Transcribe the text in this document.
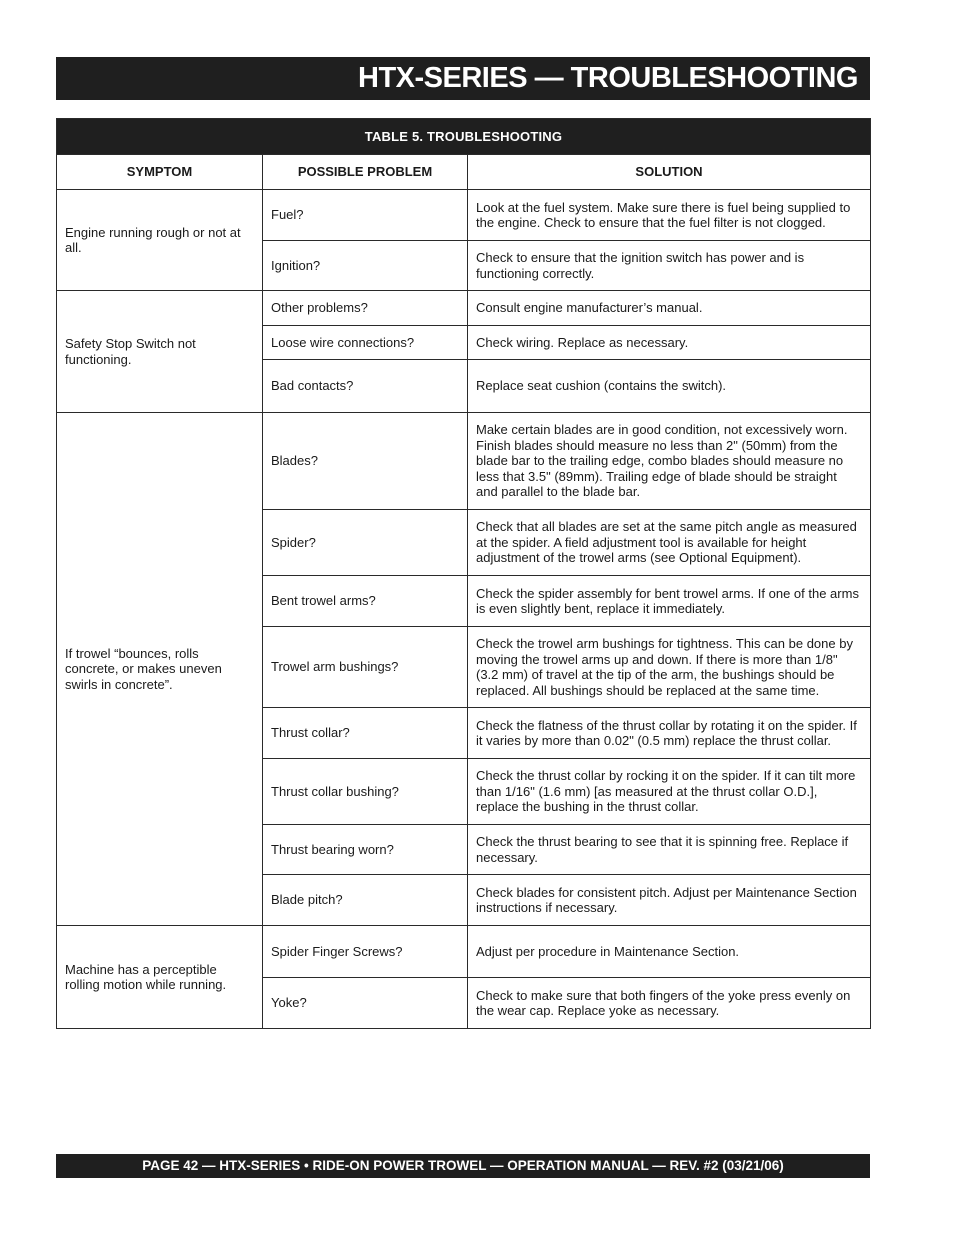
HTX-SERIES — TROUBLESHOOTING
TABLE 5. TROUBLESHOOTING		
SYMPTOM	POSSIBLE PROBLEM	SOLUTION
Engine running rough or not at all.	Fuel?	Look at the fuel system. Make sure there is fuel being supplied to the engine. Check to ensure that the fuel filter is not clogged.
	Ignition?	Check to ensure that the ignition switch has power and is functioning correctly.
Safety Stop Switch not functioning.	Other problems?	Consult engine manufacturer’s manual.
	Loose wire connections?	Check wiring. Replace as necessary.
	Bad contacts?	Replace seat cushion (contains the switch).
If trowel “bounces, rolls concrete, or makes uneven swirls in concrete”.	Blades?	Make certain blades are in good condition, not excessively worn. Finish blades should measure no less than 2" (50mm) from the blade bar to the trailing edge, combo blades should measure no less that 3.5" (89mm). Trailing edge of blade should be straight and parallel to the blade bar.
	Spider?	Check that all blades are set at the same pitch angle as measured at the spider. A field adjustment tool is available for height adjustment of the trowel arms (see Optional Equipment).
	Bent trowel arms?	Check the spider assembly for bent trowel arms. If one of the arms is even slightly bent, replace it immediately.
	Trowel arm bushings?	Check the trowel arm bushings for tightness. This can be done by moving the trowel arms up and down. If there is more than 1/8" (3.2 mm) of travel at the tip of the arm, the bushings should be replaced. All bushings should be replaced at the same time.
	Thrust collar?	Check the flatness of the thrust collar by rotating it on the spider. If it varies by more than 0.02" (0.5 mm) replace the thrust collar.
	Thrust collar bushing?	Check the thrust collar by rocking it on the spider. If it can tilt more than 1/16" (1.6 mm) [as measured at the thrust collar O.D.], replace the bushing in the thrust collar.
	Thrust bearing worn?	Check the thrust bearing to see that it is spinning free. Replace if necessary.
	Blade pitch?	Check blades for consistent pitch. Adjust per Maintenance Section instructions if necessary.
Machine has a perceptible rolling motion while running.	Spider Finger Screws?	Adjust per procedure in Maintenance Section.
	Yoke?	Check to make sure that both fingers of the yoke press evenly on the wear cap. Replace yoke as necessary.
PAGE 42 — HTX-SERIES • RIDE-ON POWER TROWEL — OPERATION MANUAL — REV. #2 (03/21/06)
